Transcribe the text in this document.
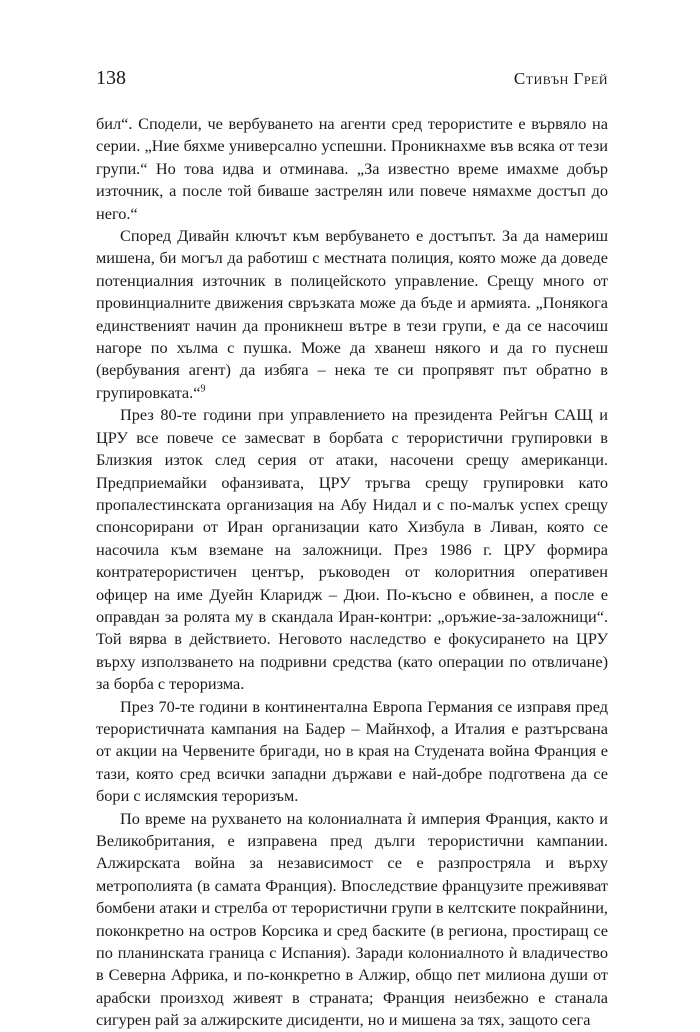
138	Стивън Грей

бил“. Сподели, че вербуването на агенти сред терористите е вървяло на серии. „Ние бяхме универсално успешни. Проникнахме във всяка от тези групи.“ Но това идва и отминава. „За известно време имахме добър източник, а после той биваше застрелян или повече нямахме достъп до него.“

Според Дивайн ключът към вербуването е достъпът. За да намериш мишена, би могъл да работиш с местната полиция, която може да доведе потенциалния източник в полицейското управление. Срещу много от провинциалните движения свръзката може да бъде и армията. „Понякога единственият начин да проникнеш вътре в тези групи, е да се насочиш нагоре по хълма с пушка. Може да хванеш някого и да го пуснеш (вербувания агент) да избяга – нека те си пропрявят път обратно в групировката.“$^9$

През 80-те години при управлението на президента Рейгън САЩ и ЦРУ все повече се замесват в борбата с терористични групировки в Близкия изток след серия от атаки, насочени срещу американци. Предприемайки офанзивата, ЦРУ тръгва срещу групировки като пропалестинската организация на Абу Нидал и с по-малък успех срещу спонсорирани от Иран организации като Хизбула в Ливан, която се насочила към вземане на заложници. През 1986 г. ЦРУ формира контратерористичен център, ръководен от колоритния оперативен офицер на име Дуейн Кларидж – Дюи. По-късно е обвинен, а после е оправдан за ролята му в скандала Иран-контри: „оръжие-за-заложници“. Той вярва в действието. Неговото наследство е фокусирането на ЦРУ върху използването на подривни средства (като операции по отвличане) за борба с тероризма.

През 70-те години в континентална Европа Германия се изправя пред терористичната кампания на Бадер – Майнхоф, а Италия е разтърсвана от акции на Червените бригади, но в края на Студената война Франция е тази, която сред всички западни държави е най-добре подготвена да се бори с ислямския тероризъм.

По време на рухването на колониалната ѝ империя Франция, както и Великобритания, е изправена пред дълги терористични кампании. Алжирската война за независимост се е разпростряла и върху метрополията (в самата Франция). Впоследствие французите преживяват бомбени атаки и стрелба от терористични групи в келтските покрайнини, поконкретно на остров Корсика и сред баските (в региона, простиращ се по планинската граница с Испания). Заради колониалното ѝ владичество в Северна Африка, и по-конкретно в Алжир, общо пет милиона души от арабски произход живеят в страната; Франция неизбежно е станала сигурен рай за алжирските дисиденти, но и мишена за тях, защото сега
